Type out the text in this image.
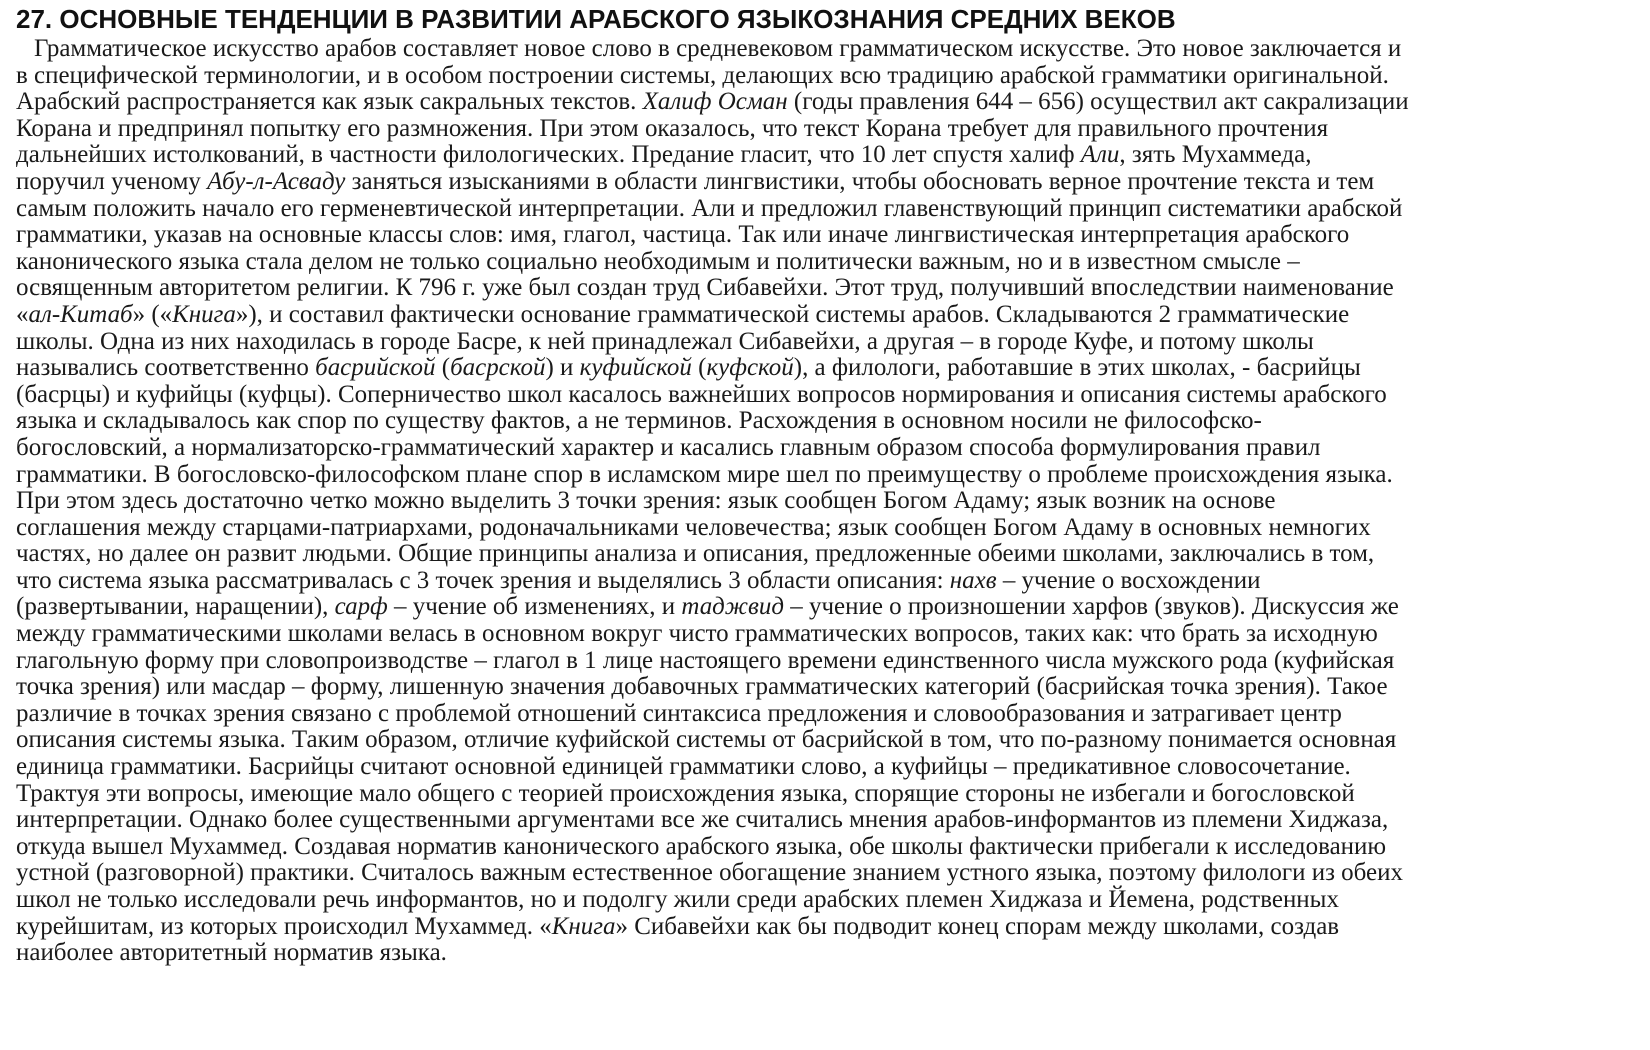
27. ОСНОВНЫЕ ТЕНДЕНЦИИ В РАЗВИТИИ АРАБСКОГО ЯЗЫКОЗНАНИЯ СРЕДНИХ ВЕКОВ
Грамматическое искусство арабов составляет новое слово в средневековом грамматическом искусстве. Это новое заключается и
в специфической терминологии, и в особом построении системы, делающих всю традицию арабской грамматики оригинальной.
Арабский распространяется как язык сакральных текстов. Халиф Осман (годы правления 644 – 656) осуществил акт сакрализации
Корана и предпринял попытку его размножения. При этом оказалось, что текст Корана требует для правильного прочтения
дальнейших истолкований, в частности филологических. Предание гласит, что 10 лет спустя халиф Али, зять Мухаммеда,
поручил ученому Абу-л-Асваду заняться изысканиями в области лингвистики, чтобы обосновать верное прочтение текста и тем
самым положить начало его герменевтической интерпретации. Али и предложил главенствующий принцип систематики арабской
грамматики, указав на основные классы слов: имя, глагол, частица. Так или иначе лингвистическая интерпретация арабского
канонического языка стала делом не только социально необходимым и политически важным, но и в известном смысле –
освященным авторитетом религии. К 796 г. уже был создан труд Сибавейхи. Этот труд, получивший впоследствии наименование
«ал-Китаб» («Книга»), и составил фактически основание грамматической системы арабов. Складываются 2 грамматические
школы. Одна из них находилась в городе Басре, к ней принадлежал Сибавейхи, а другая – в городе Куфе, и потому школы
назывались соответственно басрийской (басрской) и куфийской (куфской), а филологи, работавшие в этих школах, - басрийцы
(басрцы) и куфийцы (куфцы). Соперничество школ касалось важнейших вопросов нормирования и описания системы арабского
языка и складывалось как спор по существу фактов, а не терминов. Расхождения в основном носили не философско-
богословский, а нормализаторско-грамматический характер и касались главным образом способа формулирования правил
грамматики. В богословско-философском плане спор в исламском мире шел по преимуществу о проблеме происхождения языка.
При этом здесь достаточно четко можно выделить 3 точки зрения: язык сообщен Богом Адаму; язык возник на основе
соглашения между старцами-патриархами, родоначальниками человечества; язык сообщен Богом Адаму в основных немногих
частях, но далее он развит людьми. Общие принципы анализа и описания, предложенные обеими школами, заключались в том,
что система языка рассматривалась с 3 точек зрения и выделялись 3 области описания: нахв – учение о восхождении
(развертывании, наращении), сарф – учение об изменениях, и таджвид – учение о произношении харфов (звуков). Дискуссия же
между грамматическими школами велась в основном вокруг чисто грамматических вопросов, таких как: что брать за исходную
глагольную форму при словопроизводстве – глагол в 1 лице настоящего времени единственного числа мужского рода (куфийская
точка зрения) или масдар – форму, лишенную значения добавочных грамматических категорий (басрийская точка зрения). Такое
различие в точках зрения связано с проблемой отношений синтаксиса предложения и словообразования и затрагивает центр
описания системы языка. Таким образом, отличие куфийской системы от басрийской в том, что по-разному понимается основная
единица грамматики. Басрийцы считают основной единицей грамматики слово, а куфийцы – предикативное словосочетание.
Трактуя эти вопросы, имеющие мало общего с теорией происхождения языка, спорящие стороны не избегали и богословской
интерпретации. Однако более существенными аргументами все же считались мнения арабов-информантов из племени Хиджаза,
откуда вышел Мухаммед. Создавая норматив канонического арабского языка, обе школы фактически прибегали к исследованию
устной (разговорной) практики. Считалось важным естественное обогащение знанием устного языка, поэтому филологи из обеих
школ не только исследовали речь информантов, но и подолгу жили среди арабских племен Хиджаза и Йемена, родственных
курейшитам, из которых происходил Мухаммед. «Книга» Сибавейхи как бы подводит конец спорам между школами, создав
наиболее авторитетный норматив языка.
